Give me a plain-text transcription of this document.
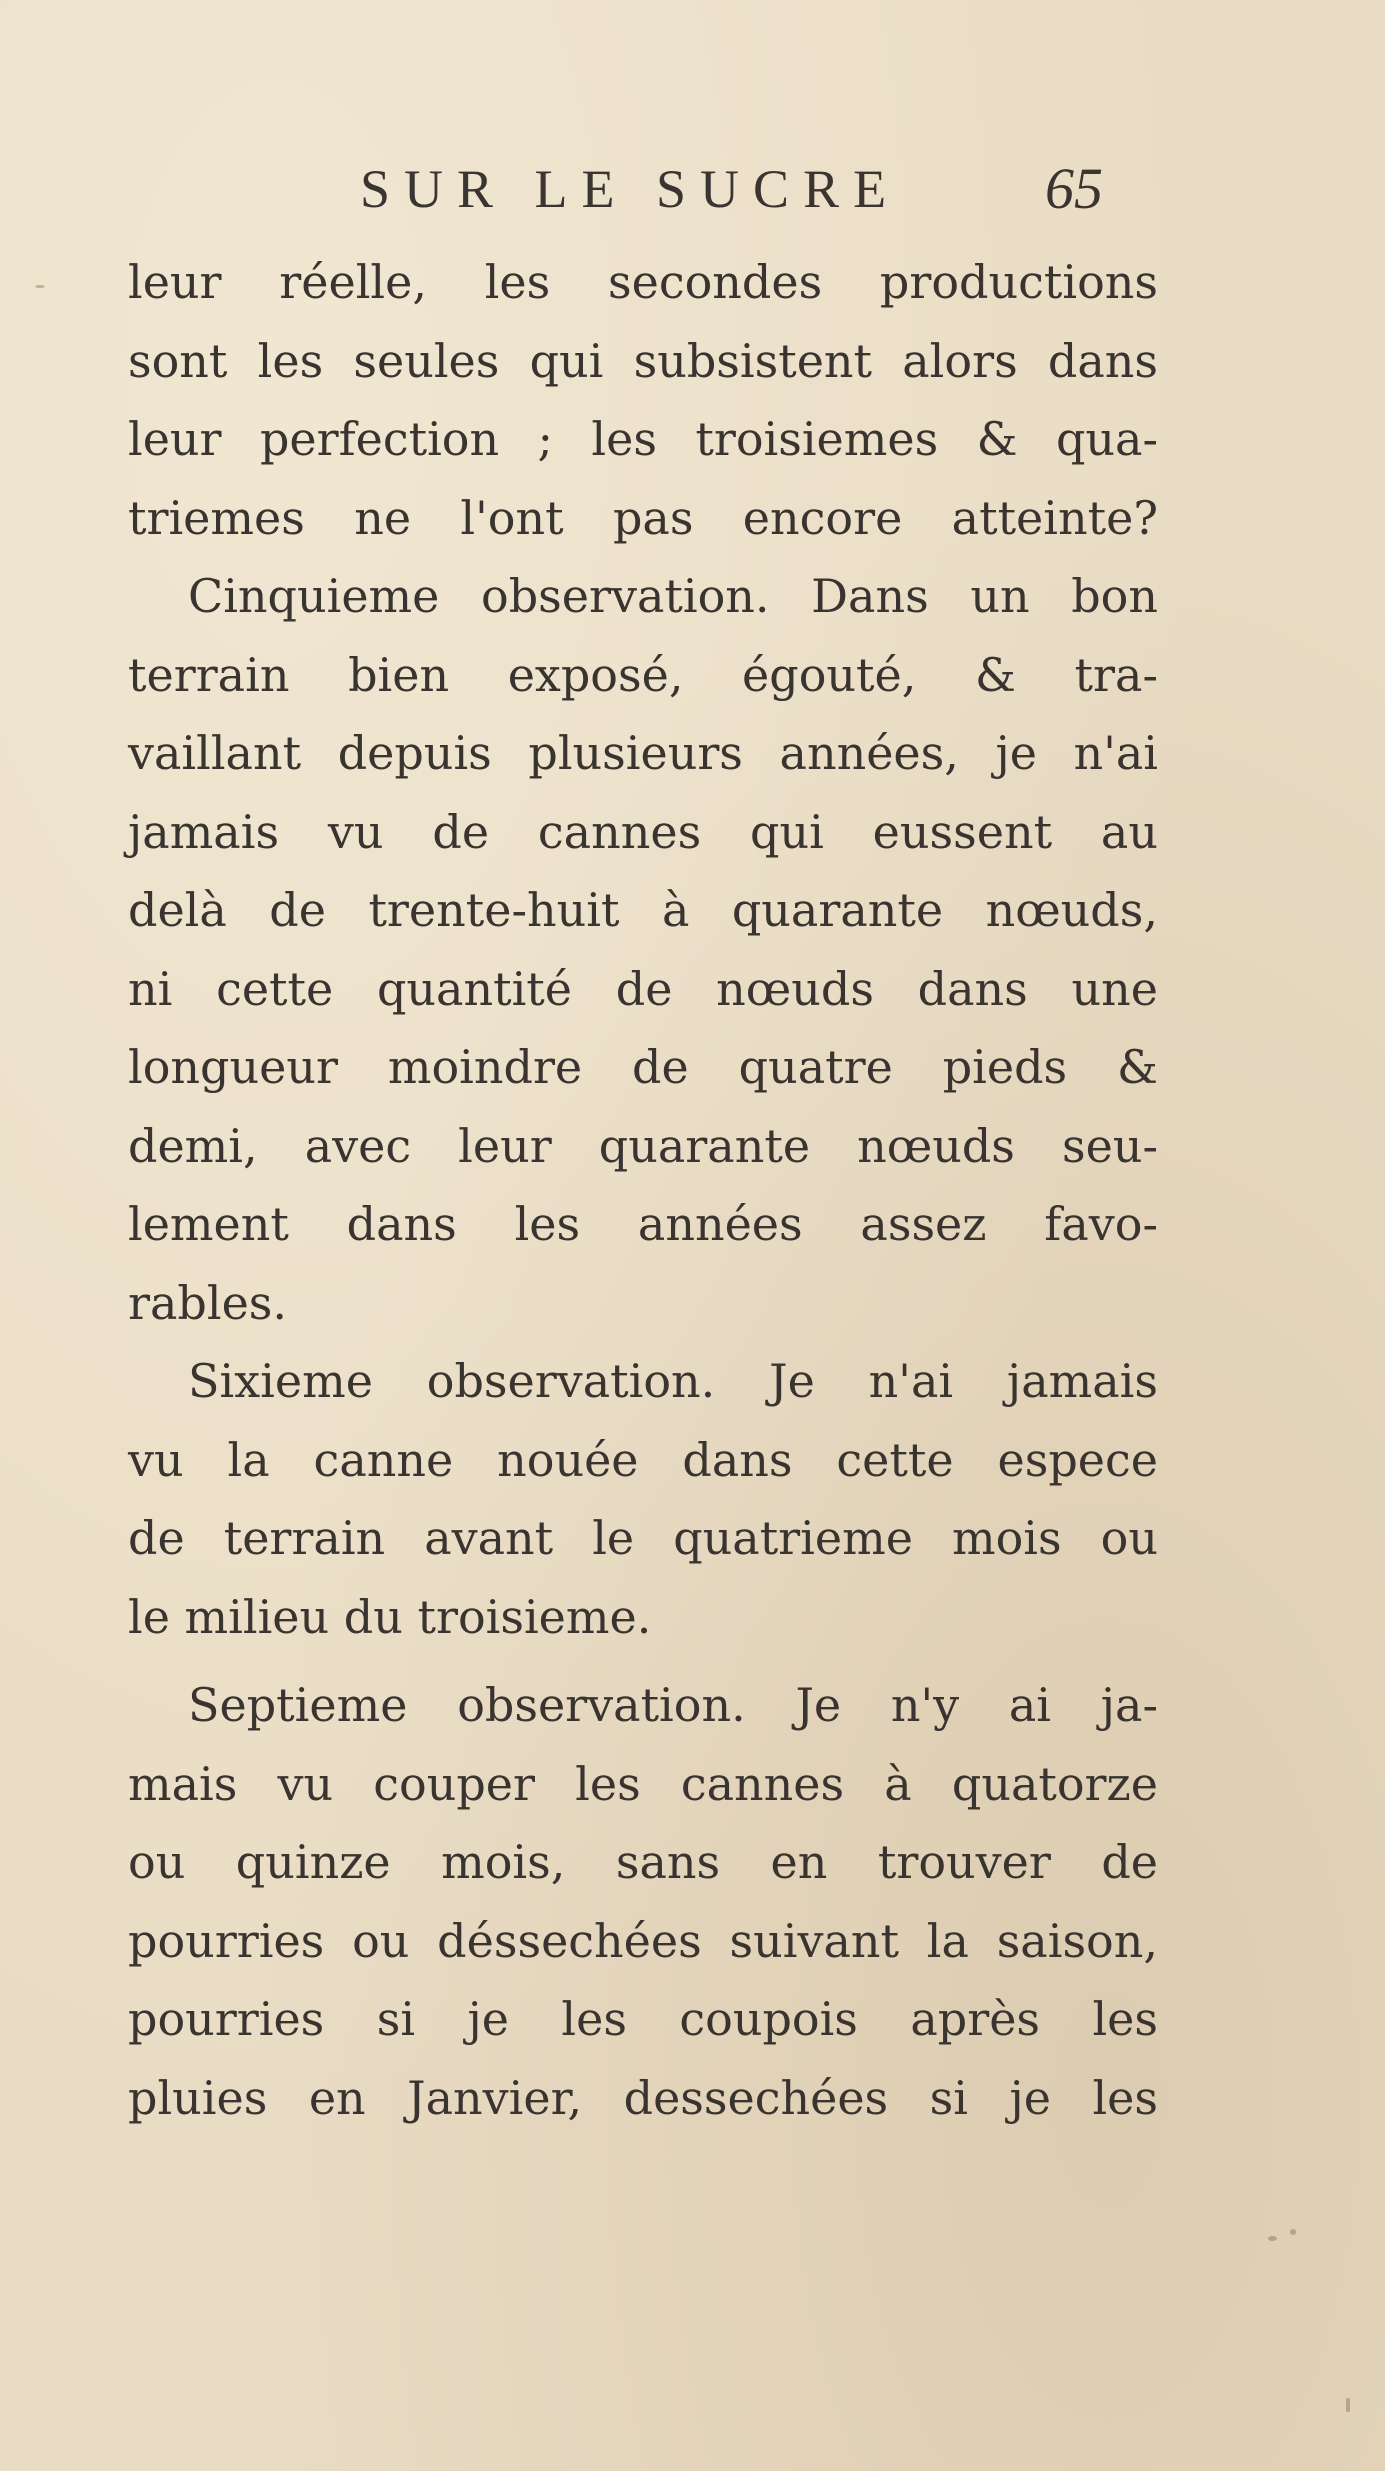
SUR LE SUCRE 65
leur réelle, les secondes productions
sont les seules qui subsistent alors dans
leur perfection ; les troisiemes & qua-
triemes ne l'ont pas encore atteinte?
Cinquieme observation. Dans un bon
terrain bien exposé, égouté, & tra-
vaillant depuis plusieurs années, je n'ai
jamais vu de cannes qui eussent au
delà de trente-huit à quarante nœuds,
ni cette quantité de nœuds dans une
longueur moindre de quatre pieds &
demi, avec leur quarante nœuds seu-
lement dans les années assez favo-
rables.
Sixieme observation. Je n'ai jamais
vu la canne nouée dans cette espece
de terrain avant le quatrieme mois ou
le milieu du troisieme.
Septieme observation. Je n'y ai ja-
mais vu couper les cannes à quatorze
ou quinze mois, sans en trouver de
pourries ou déssechées suivant la saison,
pourries si je les coupois après les
pluies en Janvier, dessechées si je les
